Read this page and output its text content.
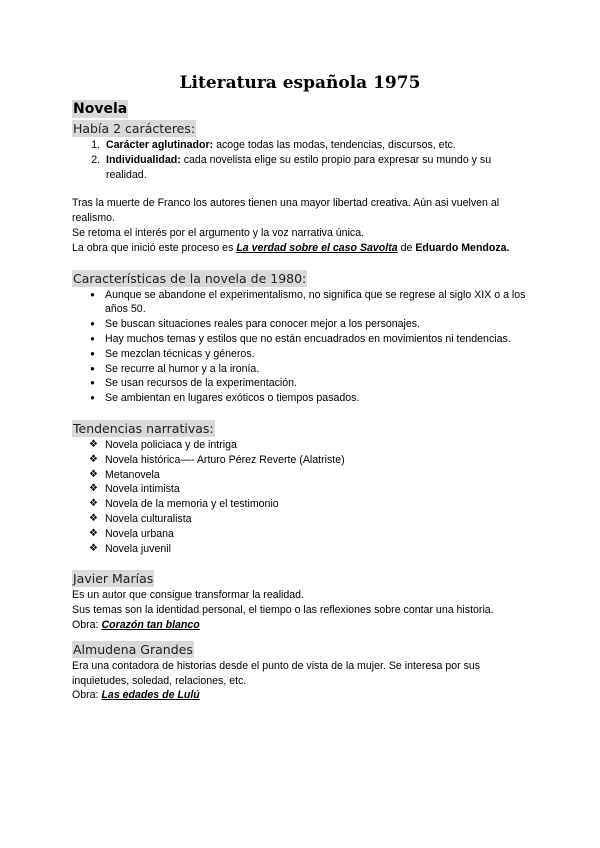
Literatura española 1975
Novela
Había 2 carácteres:
1. Carácter aglutinador: acoge todas las modas, tendencias, discursos, etc.
2. Individualidad: cada novelista elige su estilo propio para expresar su mundo y su realidad.

Tras la muerte de Franco los autores tienen una mayor libertad creativa. Aún asi vuelven al realismo.

Se retoma el interés por el argumento y la voz narrativa única.

La obra que inició este proceso es La verdad sobre el caso Savolta de Eduardo Mendoza.

Características de la novela de 1980:
● Aunque se abandone el experimentalismo, no significa que se regrese al siglo XIX o a los años 50.
● Se buscan situaciones reales para conocer mejor a los personajes.
● Hay muchos temas y estilos que no están encuadrados en movimientos ni tendencias.
● Se mezclan técnicas y géneros.
● Se recurre al humor y a la ironía.
● Se usan recursos de la experimentación.
● Se ambientan en lugares exóticos o tiempos pasados.
Tendencias narrativas:
❖ Novela policiaca y de intriga
❖ Novela histórica—- Arturo Pérez Reverte (Alatriste)
❖ Metanovela
❖ Novela intimista
❖ Novela de la memoria y el testimonio
❖ Novela culturalista
❖ Novela urbana
❖ Novela juvenil
Javier Marías

Es un autor que consigue transformar la realidad.

Sus temas son la identidad personal, el tiempo o las reflexiones sobre contar una historia.

Obra: Corazón tan blanco

Almudena Grandes

Era una contadora de historias desde el punto de vista de la mujer. Se interesa por sus inquietudes, soledad, relaciones, etc.

Obra: Las edades de Lulú
